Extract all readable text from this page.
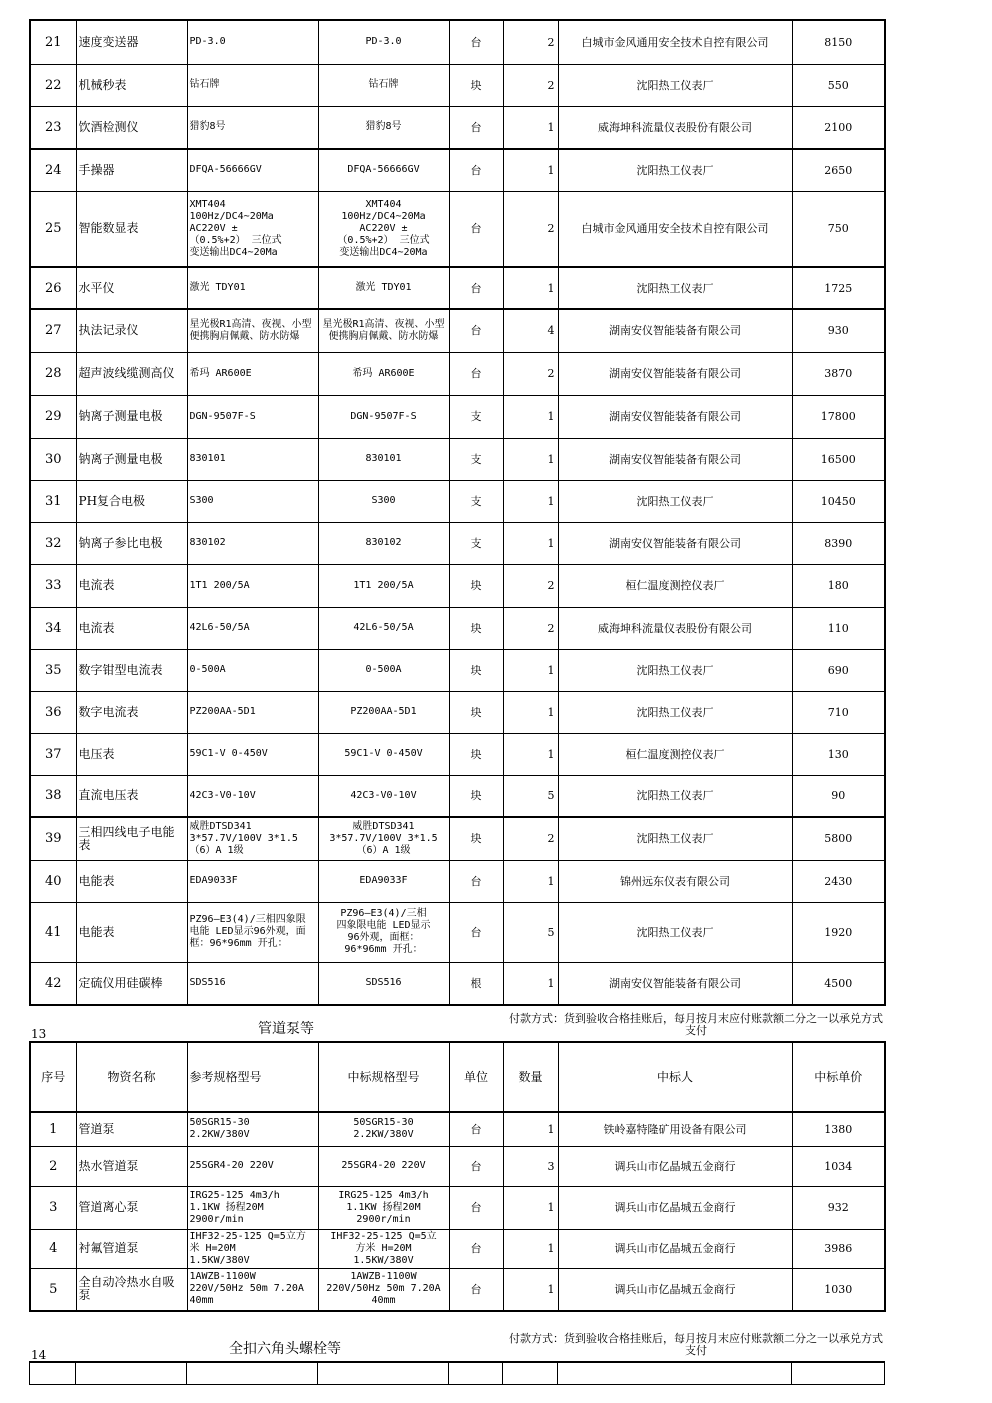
21	速度变送器	PD-3.0	PD-3.0	台	2	白城市金风通用安全技术自控有限公司	8150
22	机械秒表	钻石牌	钻石牌	块	2	沈阳热工仪表厂	550
23	饮酒检测仪	猎豹8号	猎豹8号	台	1	威海坤科流量仪表股份有限公司	2100
24	手操器	DFQA-56666GV	DFQA-56666GV	台	1	沈阳热工仪表厂	2650
25	智能数显表	XMT404
100Hz/DC4~20Ma
AC220V ±
（0.5%+2） 三位式
变送输出DC4~20Ma	XMT404
100Hz/DC4~20Ma
AC220V ±
（0.5%+2） 三位式
变送输出DC4~20Ma	台	2	白城市金风通用安全技术自控有限公司	750
26	水平仪	激光 TDY01	激光 TDY01	台	1	沈阳热工仪表厂	1725
27	执法记录仪	星光极R1高清、夜视、小型便携胸肩佩戴、防水防爆	星光极R1高清、夜视、小型便携胸肩佩戴、防水防爆	台	4	湖南安仪智能装备有限公司	930
28	超声波线缆测高仪	希玛 AR600E	希玛 AR600E	台	2	湖南安仪智能装备有限公司	3870
29	钠离子测量电极	DGN-9507F-S	DGN-9507F-S	支	1	湖南安仪智能装备有限公司	17800
30	钠离子测量电极	830101	830101	支	1	湖南安仪智能装备有限公司	16500
31	PH复合电极	S300	S300	支	1	沈阳热工仪表厂	10450
32	钠离子参比电极	830102	830102	支	1	湖南安仪智能装备有限公司	8390
33	电流表	1T1 200/5A	1T1 200/5A	块	2	桓仁温度测控仪表厂	180
34	电流表	42L6-50/5A	42L6-50/5A	块	2	威海坤科流量仪表股份有限公司	110
35	数字钳型电流表	0-500A	0-500A	块	1	沈阳热工仪表厂	690
36	数字电流表	PZ200AA-5D1	PZ200AA-5D1	块	1	沈阳热工仪表厂	710
37	电压表	59C1-V 0-450V	59C1-V 0-450V	块	1	桓仁温度测控仪表厂	130
38	直流电压表	42C3-V0-10V	42C3-V0-10V	块	5	沈阳热工仪表厂	90
39	三相四线电子电能表	威胜DTSD341
3*57.7V/100V 3*1.5
（6）A 1级	威胜DTSD341
3*57.7V/100V 3*1.5
（6）A 1级	块	2	沈阳热工仪表厂	5800
40	电能表	EDA9033F	EDA9033F	台	1	锦州远东仪表有限公司	2430
41	电能表	PZ96—E3(4)/三相四象限电能 LED显示96外观，面框：96*96mm 开孔：	PZ96—E3(4)/三相
四象限电能 LED显示
96外观，面框：
96*96mm 开孔：	台	5	沈阳热工仪表厂	1920
42	定硫仪用硅碳棒	SDS516	SDS516	根	1	湖南安仪智能装备有限公司	4500
13	管道泵等
付款方式：货到验收合格挂账后，每月按月末应付账款额二分之一以承兑方式支付
序号	物资名称	参考规格型号	中标规格型号	单位	数量	中标人	中标单价
1	管道泵	50SGR15-30
2.2KW/380V	50SGR15-30
2.2KW/380V	台	1	铁岭嘉特隆矿用设备有限公司	1380
2	热水管道泵	25SGR4-20 220V	25SGR4-20 220V	台	3	调兵山市亿晶城五金商行	1034
3	管道离心泵	IRG25-125 4m3/h
1.1KW 扬程20M
2900r/min	IRG25-125 4m3/h
1.1KW 扬程20M
2900r/min	台	1	调兵山市亿晶城五金商行	932
4	衬氟管道泵	IHF32-25-125 Q=5立方米 H=20M
1.5KW/380V	IHF32-25-125 Q=5立
方米 H=20M
1.5KW/380V	台	1	调兵山市亿晶城五金商行	3986
5	全自动冷热水自吸泵	1AWZB-1100W
220V/50Hz 50m 7.20A
40mm	1AWZB-1100W
220V/50Hz 50m 7.20A
40mm	台	1	调兵山市亿晶城五金商行	1030
14	全扣六角头螺栓等
付款方式：货到验收合格挂账后，每月按月末应付账款额二分之一以承兑方式支付
